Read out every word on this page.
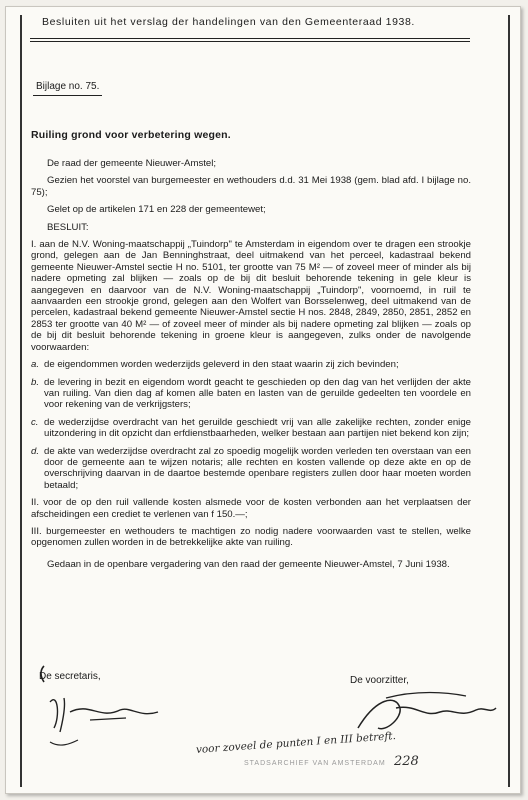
Besluiten uit het verslag der handelingen van den Gemeenteraad 1938.
Bijlage no. 75.
Ruiling grond voor verbetering wegen.

De raad der gemeente Nieuwer-Amstel;

Gezien het voorstel van burgemeester en wethouders d.d. 31 Mei 1938 (gem. blad afd. I bijlage no. 75);

Gelet op de artikelen 171 en 228 der gemeentewet;

BESLUIT:

I. aan de N.V. Woning-maatschappij „Tuindorp" te Amsterdam in eigendom over te dragen een strookje grond, gelegen aan de Jan Benninghstraat, deel uitmakend van het perceel, kadastraal bekend gemeente Nieuwer-Amstel sectie H no. 5101, ter grootte van 75 M² — of zoveel meer of minder als bij nadere opmeting zal blijken — zoals op de bij dit besluit behorende tekening in gele kleur is aangegeven en daarvoor van de N.V. Woning-maatschappij „Tuindorp", voornoemd, in ruil te aanvaarden een strookje grond, gelegen aan den Wolfert van Borsselenweg, deel uitmakend van de percelen, kadastraal bekend gemeente Nieuwer-Amstel sectie H nos. 2848, 2849, 2850, 2851, 2852 en 2853 ter grootte van 40 M² — of zoveel meer of minder als bij nadere opmeting zal blijken — zoals op de bij dit besluit behorende tekening in groene kleur is aangegeven, zulks onder de navolgende voorwaarden:

a. de eigendommen worden wederzijds geleverd in den staat waarin zij zich bevinden;
b. de levering in bezit en eigendom wordt geacht te geschieden op den dag van het verlijden der akte van ruiling. Van dien dag af komen alle baten en lasten van de geruilde gedeelten ten voordele en voor rekening van de verkrijgsters;
c. de wederzijdse overdracht van het geruilde geschiedt vrij van alle zakelijke rechten, zonder enige uitzondering in dit opzicht dan erfdienstbaarheden, welker bestaan aan partijen niet bekend kon zijn;
d. de akte van wederzijdse overdracht zal zo spoedig mogelijk worden verleden ten overstaan van een door de gemeente aan te wijzen notaris; alle rechten en kosten vallende op deze akte en op de overschrijving daarvan in de daartoe bestemde openbare registers zullen door haar moeten worden betaald;

II. voor de op den ruil vallende kosten alsmede voor de kosten verbonden aan het verplaatsen der afscheidingen een crediet te verlenen van f 150.—;

III. burgemeester en wethouders te machtigen zo nodig nadere voorwaarden vast te stellen, welke opgenomen zullen worden in de betrekkelijke akte van ruiling.

Gedaan in de openbare vergadering van den raad der gemeente Nieuwer-Amstel, 7 Juni 1938.

De secretaris,	De voorzitter,
voor zoveel de punten I en III betreft.
STADSARCHIEF VAN AMSTERDAM 228
